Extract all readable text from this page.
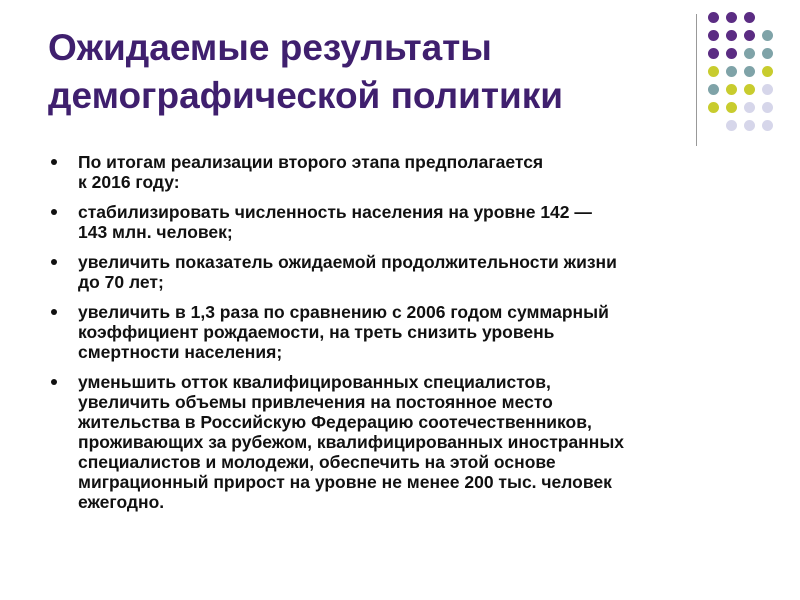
Ожидаемые результаты
демографической политики
По итогам реализации второго этапа предполагается
к 2016 году:
стабилизировать численность населения на уровне 142 —
143 млн. человек;
увеличить показатель ожидаемой продолжительности жизни
до 70 лет;
увеличить в 1,3 раза по сравнению с 2006 годом суммарный
коэффициент рождаемости, на треть снизить уровень
смертности населения;
уменьшить отток квалифицированных специалистов,
увеличить объемы привлечения на постоянное место
жительства в Российскую Федерацию соотечественников,
проживающих за рубежом, квалифицированных иностранных
специалистов и молодежи, обеспечить на этой основе
миграционный прирост на уровне не менее 200 тыс. человек
ежегодно.
